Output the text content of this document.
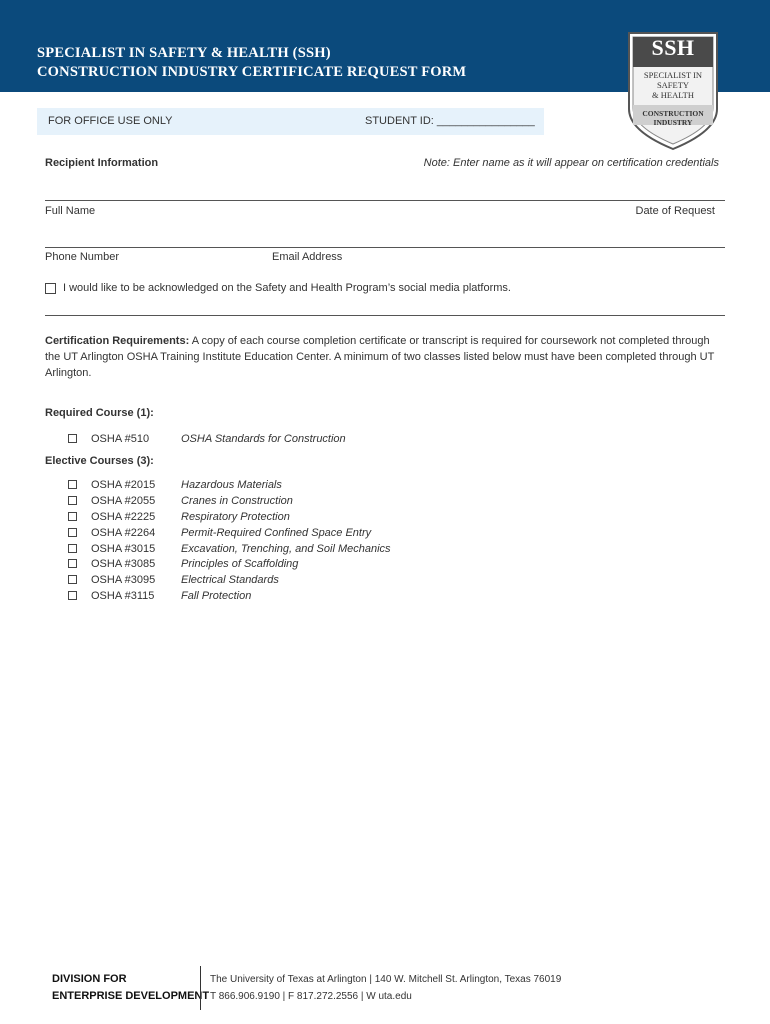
SPECIALIST IN SAFETY & HEALTH (SSH)
CONSTRUCTION INDUSTRY CERTIFICATE REQUEST FORM
SSH
SPECIALIST IN
SAFETY
& HEALTH
CONSTRUCTION
INDUSTRY
FOR OFFICE USE ONLY	STUDENT ID: ________________
Recipient Information	Note: Enter name as it will appear on certification credentials
Full Name	Date of Request
Phone Number	Email Address
I would like to be acknowledged on the Safety and Health Program’s social media platforms.
Certification Requirements: A copy of each course completion certificate or transcript is required for coursework not completed through the UT Arlington OSHA Training Institute Education Center. A minimum of two classes listed below must have been completed through UT Arlington.
Required Course (1):
OSHA #510	OSHA Standards for Construction
Elective Courses (3):
OSHA #2015	Hazardous Materials
OSHA #2055	Cranes in Construction
OSHA #2225	Respiratory Protection
OSHA #2264	Permit-Required Confined Space Entry
OSHA #3015	Excavation, Trenching, and Soil Mechanics
OSHA #3085	Principles of Scaffolding
OSHA #3095	Electrical Standards
OSHA #3115	Fall Protection
DIVISION FOR
ENTERPRISE DEVELOPMENT
The University of Texas at Arlington | 140 W. Mitchell St. Arlington, Texas 76019
T 866.906.9190 | F 817.272.2556 | W uta.edu
